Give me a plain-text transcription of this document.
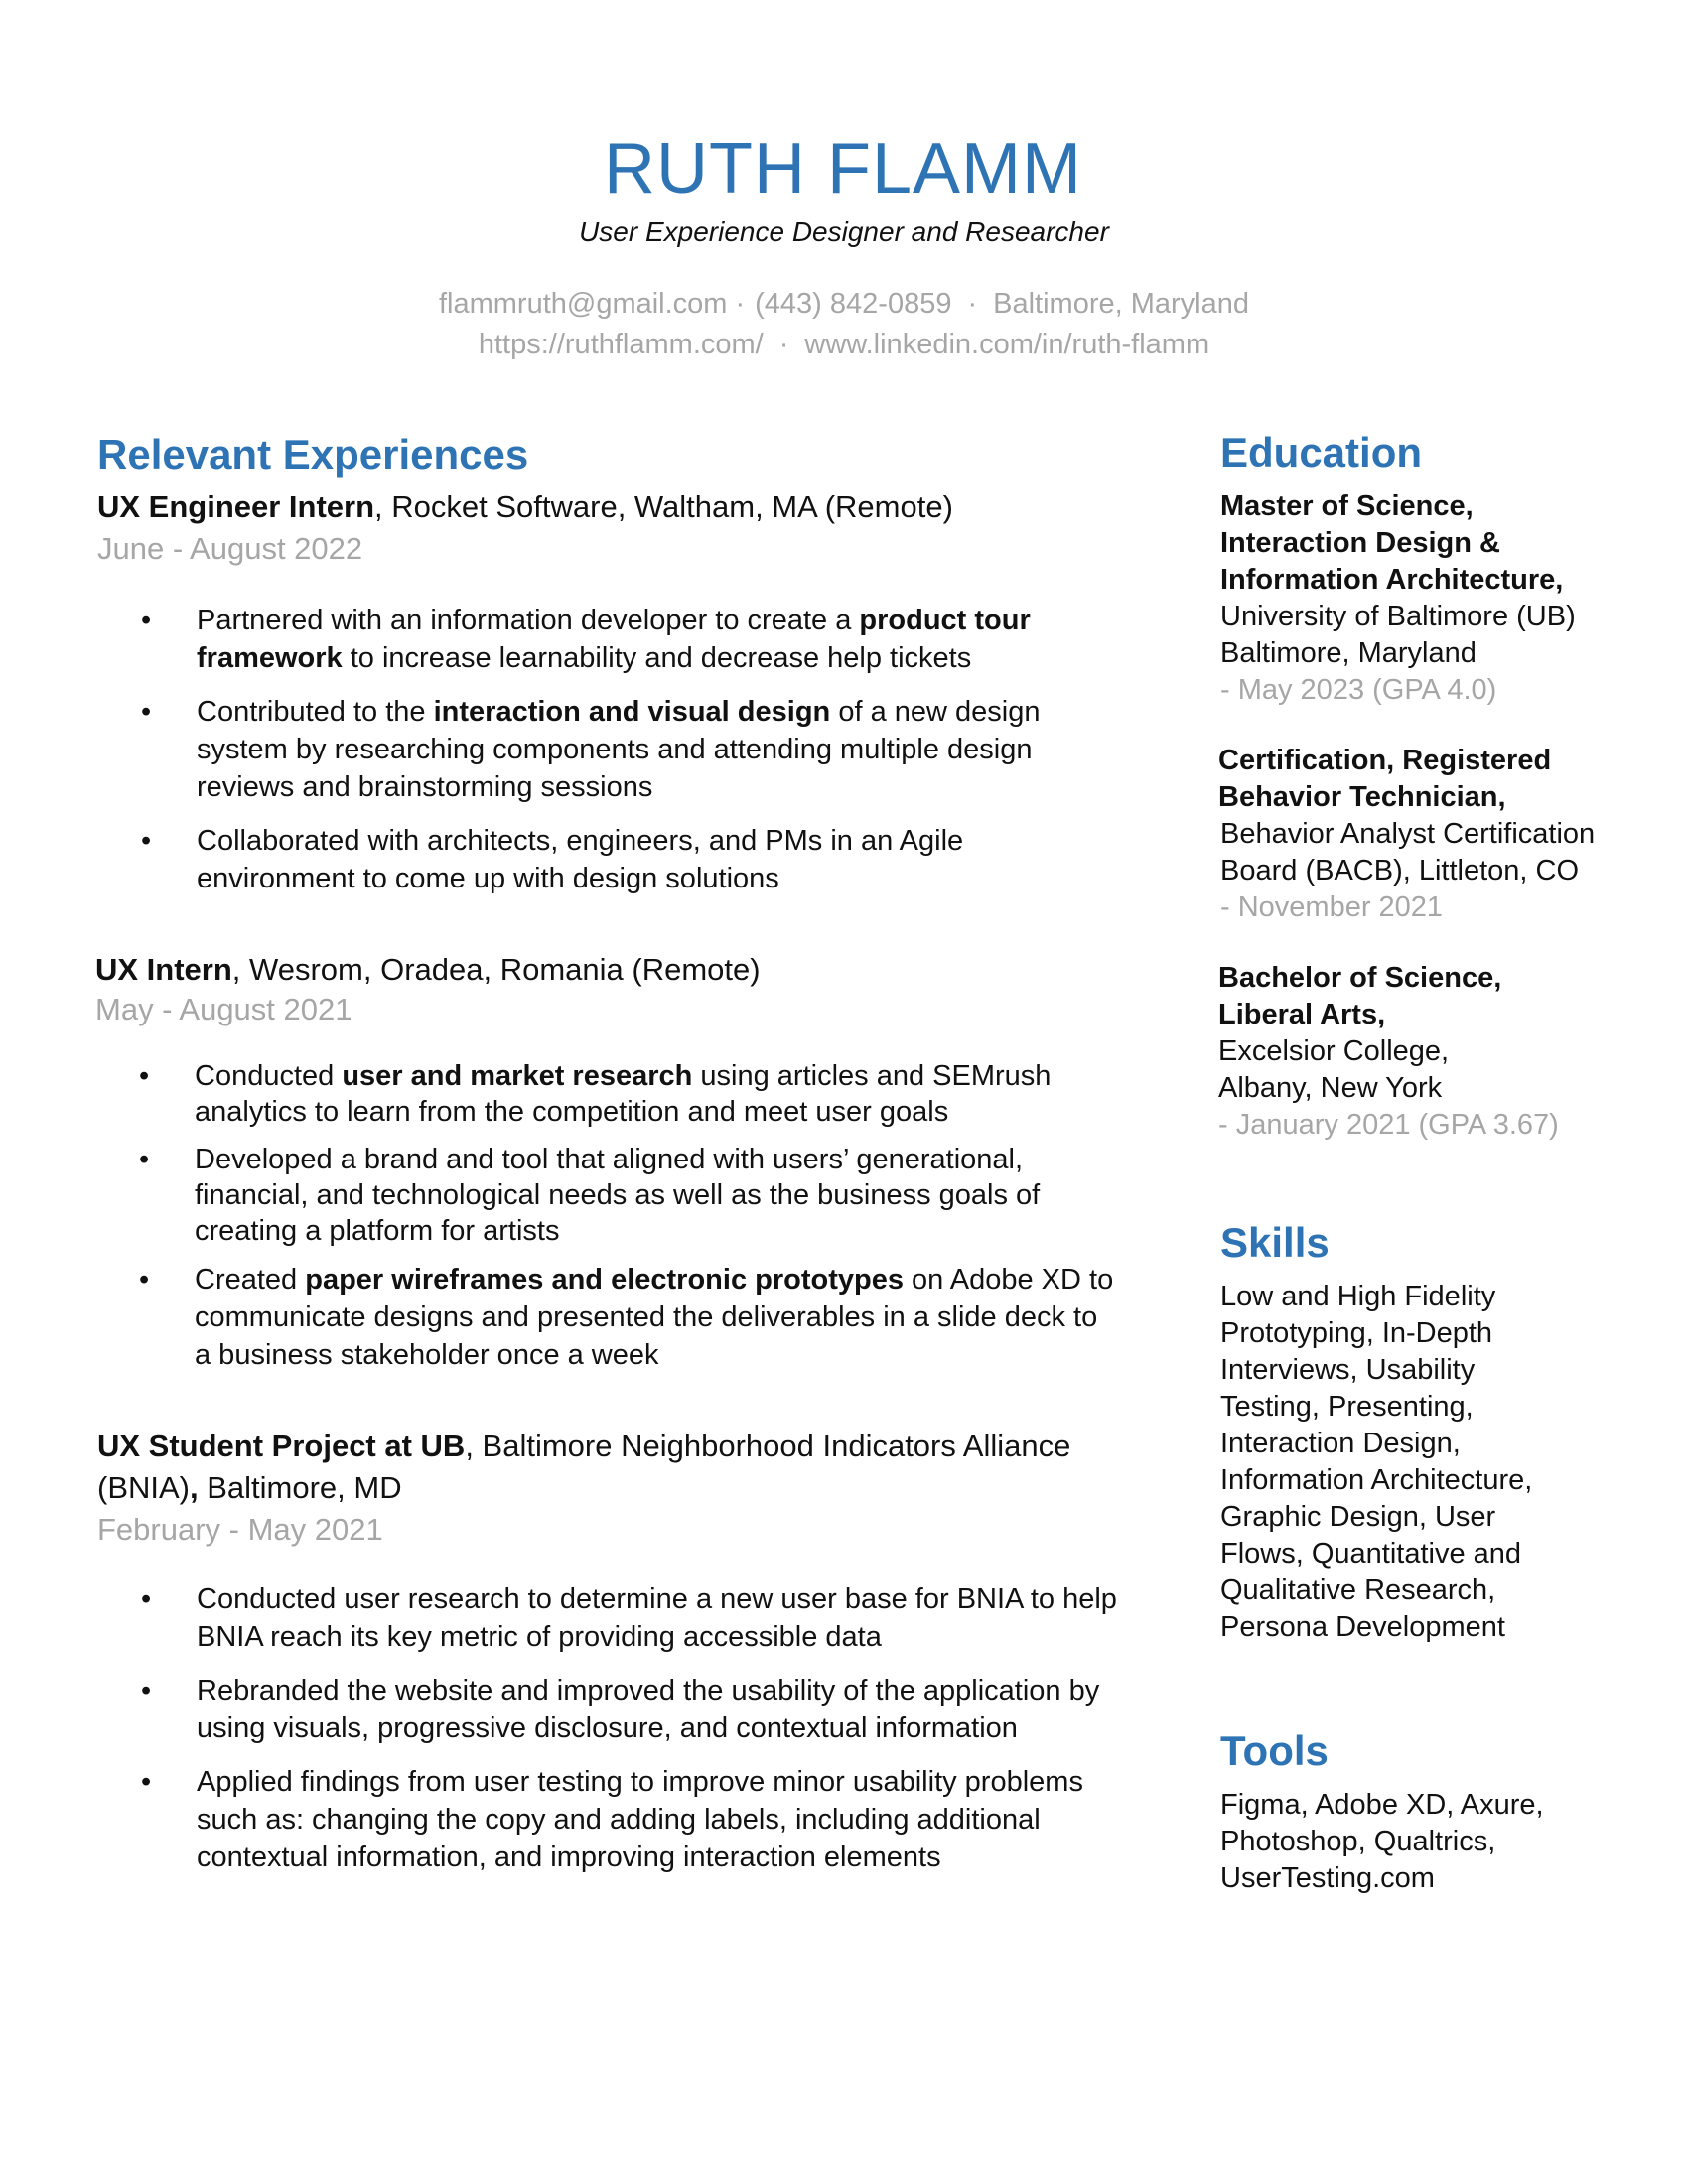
RUTH FLAMM
User Experience Designer and Researcher
flammruth@gmail.com · (443) 842-0859 · Baltimore, Maryland
https://ruthflamm.com/ · www.linkedin.com/in/ruth-flamm
Relevant Experiences
UX Engineer Intern, Rocket Software, Waltham, MA (Remote)
June - August 2022
• Partnered with an information developer to create a product tour framework to increase learnability and decrease help tickets
• Contributed to the interaction and visual design of a new design system by researching components and attending multiple design reviews and brainstorming sessions
• Collaborated with architects, engineers, and PMs in an Agile environment to come up with design solutions
UX Intern, Wesrom, Oradea, Romania (Remote)
May - August 2021
• Conducted user and market research using articles and SEMrush analytics to learn from the competition and meet user goals
• Developed a brand and tool that aligned with users’ generational, financial, and technological needs as well as the business goals of creating a platform for artists
• Created paper wireframes and electronic prototypes on Adobe XD to communicate designs and presented the deliverables in a slide deck to a business stakeholder once a week
UX Student Project at UB, Baltimore Neighborhood Indicators Alliance (BNIA), Baltimore, MD
February - May 2021
• Conducted user research to determine a new user base for BNIA to help BNIA reach its key metric of providing accessible data
• Rebranded the website and improved the usability of the application by using visuals, progressive disclosure, and contextual information
• Applied findings from user testing to improve minor usability problems such as: changing the copy and adding labels, including additional contextual information, and improving interaction elements
Education
Master of Science, Interaction Design & Information Architecture,
University of Baltimore (UB) Baltimore, Maryland
- May 2023 (GPA 4.0)
Certification, Registered Behavior Technician,
Behavior Analyst Certification Board (BACB), Littleton, CO
- November 2021
Bachelor of Science, Liberal Arts,
Excelsior College, Albany, New York
- January 2021 (GPA 3.67)
Skills
Low and High Fidelity Prototyping, In-Depth Interviews, Usability Testing, Presenting, Interaction Design, Information Architecture, Graphic Design, User Flows, Quantitative and Qualitative Research, Persona Development
Tools
Figma, Adobe XD, Axure, Photoshop, Qualtrics, UserTesting.com
